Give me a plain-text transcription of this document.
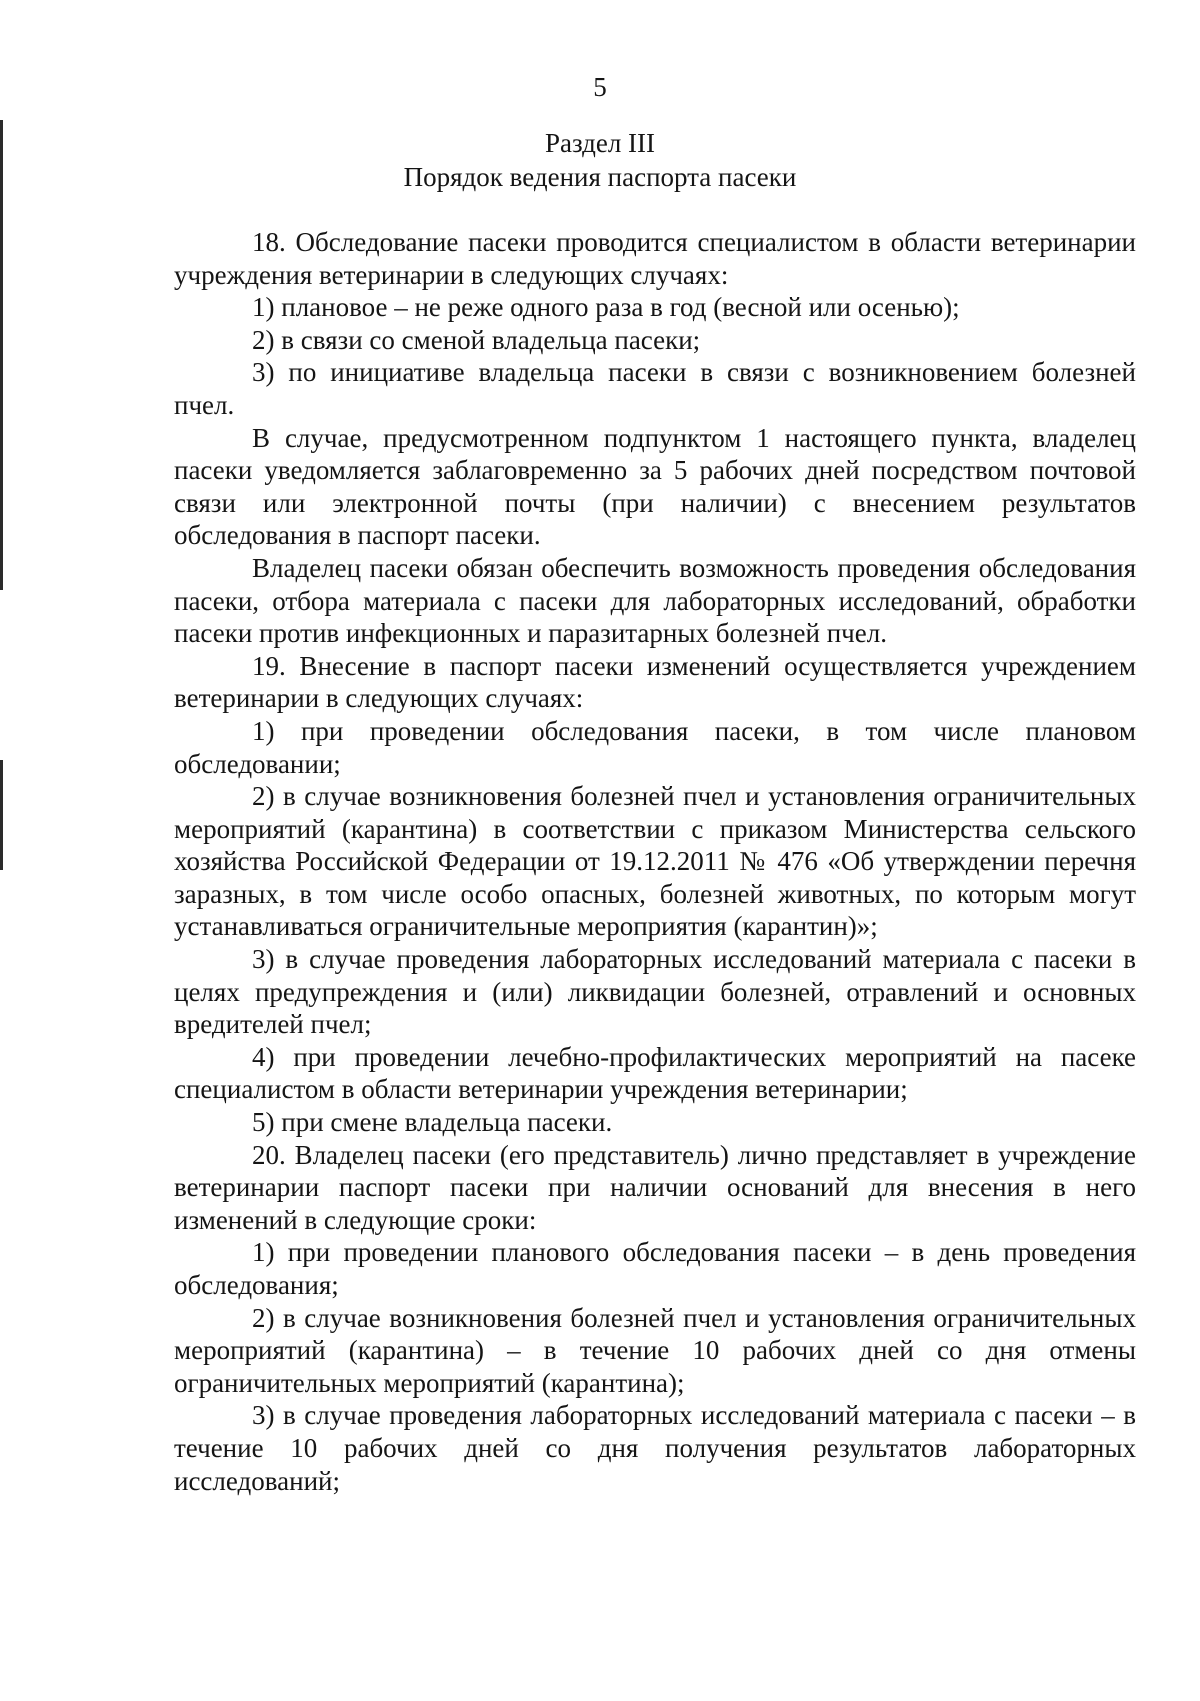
5
Раздел III
Порядок ведения паспорта пасеки

18. Обследование пасеки проводится специалистом в области ветеринарии учреждения ветеринарии в следующих случаях:

1) плановое – не реже одного раза в год (весной или осенью);

2) в связи со сменой владельца пасеки;

3) по инициативе владельца пасеки в связи с возникновением болезней пчел.

В случае, предусмотренном подпунктом 1 настоящего пункта, владелец пасеки уведомляется заблаговременно за 5 рабочих дней посредством почтовой связи или электронной почты (при наличии) с внесением результатов обследования в паспорт пасеки.

Владелец пасеки обязан обеспечить возможность проведения обследования пасеки, отбора материала с пасеки для лабораторных исследований, обработки пасеки против инфекционных и паразитарных болезней пчел.

19. Внесение в паспорт пасеки изменений осуществляется учреждением ветеринарии в следующих случаях:

1) при проведении обследования пасеки, в том числе плановом обследовании;

2) в случае возникновения болезней пчел и установления ограничительных мероприятий (карантина) в соответствии с приказом Министерства сельского хозяйства Российской Федерации от 19.12.2011 № 476 «Об утверждении перечня заразных, в том числе особо опасных, болезней животных, по которым могут устанавливаться ограничительные мероприятия (карантин)»;

3) в случае проведения лабораторных исследований материала с пасеки в целях предупреждения и (или) ликвидации болезней, отравлений и основных вредителей пчел;

4) при проведении лечебно-профилактических мероприятий на пасеке специалистом в области ветеринарии учреждения ветеринарии;

5) при смене владельца пасеки.

20. Владелец пасеки (его представитель) лично представляет в учреждение ветеринарии паспорт пасеки при наличии оснований для внесения в него изменений в следующие сроки:

1) при проведении планового обследования пасеки – в день проведения обследования;

2) в случае возникновения болезней пчел и установления ограничительных мероприятий (карантина) – в течение 10 рабочих дней со дня отмены ограничительных мероприятий (карантина);

3) в случае проведения лабораторных исследований материала с пасеки – в течение 10 рабочих дней со дня получения результатов лабораторных исследований;
